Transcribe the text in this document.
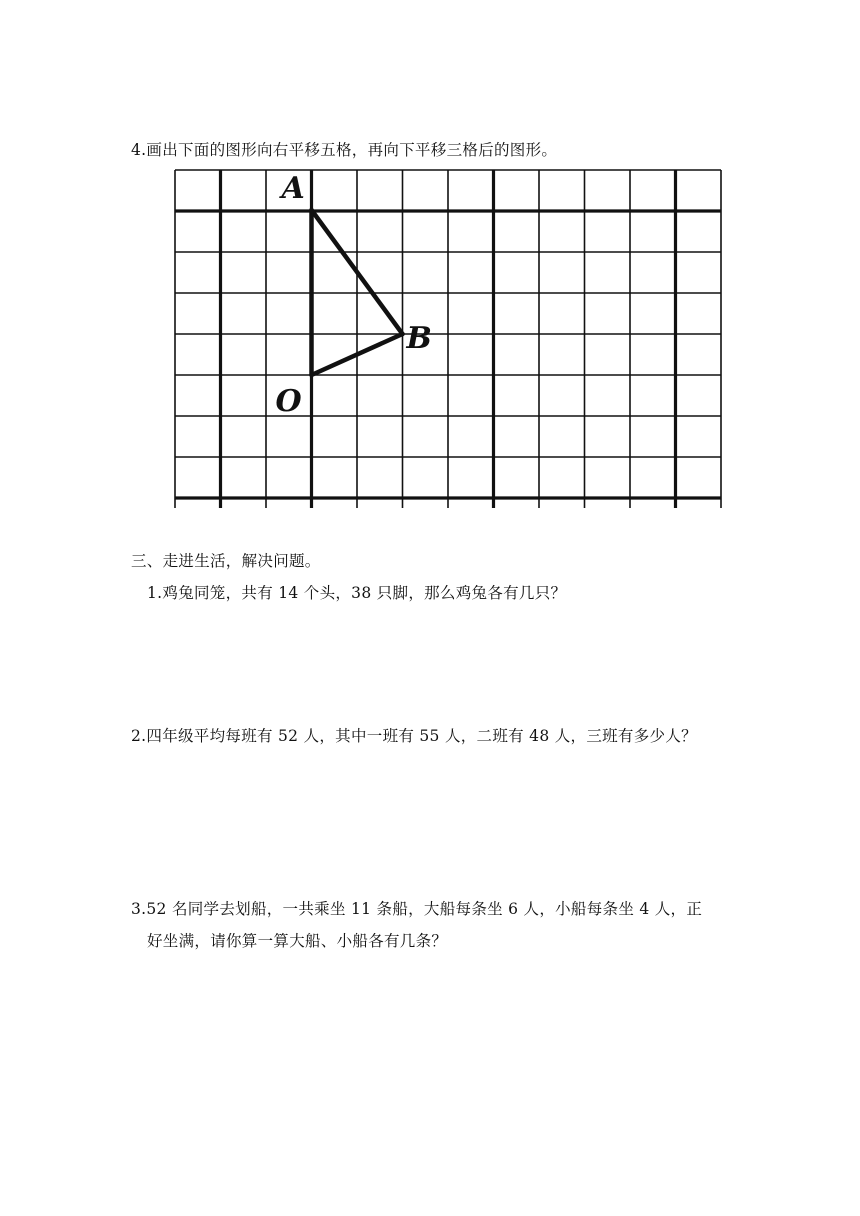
4.画出下面的图形向右平移五格，再向下平移三格后的图形。
A
B
O
三、走进生活，解决问题。
1.鸡兔同笼，共有 14 个头，38 只脚，那么鸡兔各有几只？
2.四年级平均每班有 52 人，其中一班有 55 人，二班有 48 人，三班有多少人？
3.52 名同学去划船，一共乘坐 11 条船，大船每条坐 6 人，小船每条坐 4 人，正
好坐满，请你算一算大船、小船各有几条？
